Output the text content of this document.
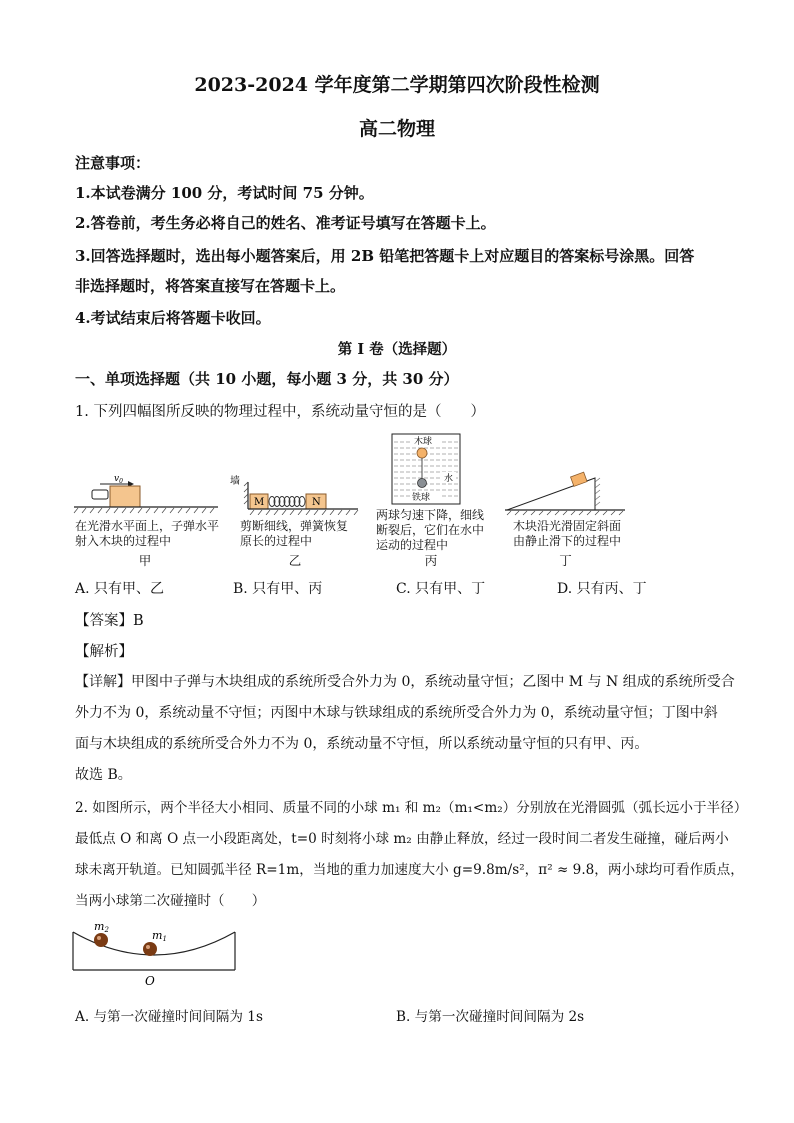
2023-2024 学年度第二学期第四次阶段性检测
高二物理
注意事项：
1.本试卷满分 100 分，考试时间 75 分钟。
2.答卷前，考生务必将自己的姓名、准考证号填写在答题卡上。
3.回答选择题时，选出每小题答案后，用 2B 铅笔把答题卡上对应题目的答案标号涂黑。回答
非选择题时，将答案直接写在答题卡上。
4.考试结束后将答题卡收回。
第 I 卷（选择题）
一、单项选择题（共 10 小题，每小题 3 分，共 30 分）
1. 下列四幅图所反映的物理过程中，系统动量守恒的是（　　）
$v_0$
在光滑水平面上，子弹水平
射入木块的过程中
甲
墙
M	N
剪断细线，弹簧恢复
原长的过程中
乙
木球
水
铁球
两球匀速下降，细线
断裂后，它们在水中
运动的过程中
丙
木块沿光滑固定斜面
由静止滑下的过程中
丁
A. 只有甲、乙	B. 只有甲、丙	C. 只有甲、丁	D. 只有丙、丁
【答案】B
【解析】
【详解】甲图中子弹与木块组成的系统所受合外力为 0，系统动量守恒；乙图中 M 与 N 组成的系统所受合
外力不为 0，系统动量不守恒；丙图中木球与铁球组成的系统所受合外力为 0，系统动量守恒；丁图中斜
面与木块组成的系统所受合外力不为 0，系统动量不守恒，所以系统动量守恒的只有甲、丙。
故选 B。
2. 如图所示，两个半径大小相同、质量不同的小球 m₁ 和 m₂（m₁<m₂）分别放在光滑圆弧（弧长远小于半径）
最低点 O 和离 O 点一小段距离处，t=0 时刻将小球 m₂ 由静止释放，经过一段时间二者发生碰撞，碰后两小
球未离开轨道。已知圆弧半径 R=1m，当地的重力加速度大小 g=9.8m/s²，π² ≈ 9.8，两小球均可看作质点，
当两小球第二次碰撞时（　　）
m2	m1
O
A. 与第一次碰撞时间间隔为 1s	B. 与第一次碰撞时间间隔为 2s
